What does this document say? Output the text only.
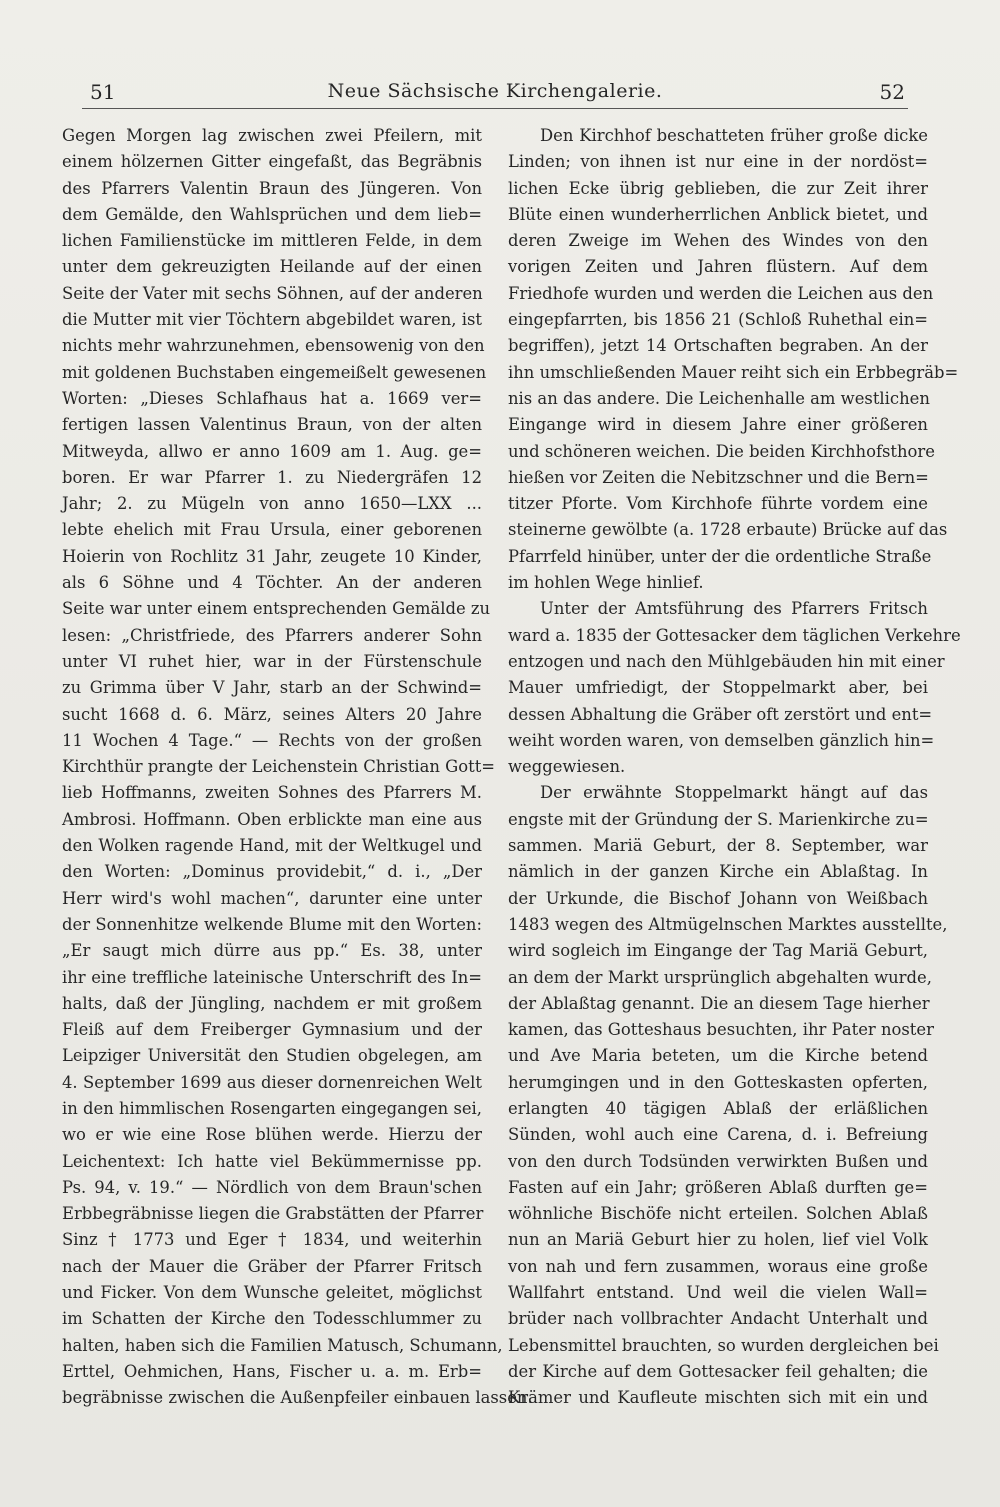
51	Neue Sächsische Kirchengalerie.	52
Gegen Morgen lag zwischen zwei Pfeilern, mit
einem hölzernen Gitter eingefaßt, das Begräbnis
des Pfarrers Valentin Braun des Jüngeren. Von
dem Gemälde, den Wahlsprüchen und dem lieb=
lichen Familienstücke im mittleren Felde, in dem
unter dem gekreuzigten Heilande auf der einen
Seite der Vater mit sechs Söhnen, auf der anderen
die Mutter mit vier Töchtern abgebildet waren, ist
nichts mehr wahrzunehmen, ebensowenig von den
mit goldenen Buchstaben eingemeißelt gewesenen
Worten: „Dieses Schlafhaus hat a. 1669 ver=
fertigen lassen Valentinus Braun, von der alten
Mitweyda, allwo er anno 1609 am 1. Aug. ge=
boren. Er war Pfarrer 1. zu Niedergräfen 12
Jahr; 2. zu Mügeln von anno 1650—LXX ...
lebte ehelich mit Frau Ursula, einer geborenen
Hoierin von Rochlitz 31 Jahr, zeugete 10 Kinder,
als 6 Söhne und 4 Töchter. An der anderen
Seite war unter einem entsprechenden Gemälde zu
lesen: „Christfriede, des Pfarrers anderer Sohn
unter VI ruhet hier, war in der Fürstenschule
zu Grimma über V Jahr, starb an der Schwind=
sucht 1668 d. 6. März, seines Alters 20 Jahre
11 Wochen 4 Tage.“ — Rechts von der großen
Kirchthür prangte der Leichenstein Christian Gott=
lieb Hoffmanns, zweiten Sohnes des Pfarrers M.
Ambrosi. Hoffmann. Oben erblickte man eine aus
den Wolken ragende Hand, mit der Weltkugel und
den Worten: „Dominus providebit,“ d. i., „Der
Herr wird's wohl machen“, darunter eine unter
der Sonnenhitze welkende Blume mit den Worten:
„Er saugt mich dürre aus pp.“ Es. 38, unter
ihr eine treffliche lateinische Unterschrift des In=
halts, daß der Jüngling, nachdem er mit großem
Fleiß auf dem Freiberger Gymnasium und der
Leipziger Universität den Studien obgelegen, am
4. September 1699 aus dieser dornenreichen Welt
in den himmlischen Rosengarten eingegangen sei,
wo er wie eine Rose blühen werde. Hierzu der
Leichentext: Ich hatte viel Bekümmernisse pp.
Ps. 94, v. 19.“ — Nördlich von dem Braun'schen
Erbbegräbnisse liegen die Grabstätten der Pfarrer
Sinz † 1773 und Eger † 1834, und weiterhin
nach der Mauer die Gräber der Pfarrer Fritsch
und Ficker. Von dem Wunsche geleitet, möglichst
im Schatten der Kirche den Todesschlummer zu
halten, haben sich die Familien Matusch, Schumann,
Erttel, Oehmichen, Hans, Fischer u. a. m. Erb=
begräbnisse zwischen die Außenpfeiler einbauen lassen.
Den Kirchhof beschatteten früher große dicke
Linden; von ihnen ist nur eine in der nordöst=
lichen Ecke übrig geblieben, die zur Zeit ihrer
Blüte einen wunderherrlichen Anblick bietet, und
deren Zweige im Wehen des Windes von den
vorigen Zeiten und Jahren flüstern. Auf dem
Friedhofe wurden und werden die Leichen aus den
eingepfarrten, bis 1856 21 (Schloß Ruhethal ein=
begriffen), jetzt 14 Ortschaften begraben. An der
ihn umschließenden Mauer reiht sich ein Erbbegräb=
nis an das andere. Die Leichenhalle am westlichen
Eingange wird in diesem Jahre einer größeren
und schöneren weichen. Die beiden Kirchhofsthore
hießen vor Zeiten die Nebitzschner und die Bern=
titzer Pforte. Vom Kirchhofe führte vordem eine
steinerne gewölbte (a. 1728 erbaute) Brücke auf das
Pfarrfeld hinüber, unter der die ordentliche Straße
im hohlen Wege hinlief.
Unter der Amtsführung des Pfarrers Fritsch
ward a. 1835 der Gottesacker dem täglichen Verkehre
entzogen und nach den Mühlgebäuden hin mit einer
Mauer umfriedigt, der Stoppelmarkt aber, bei
dessen Abhaltung die Gräber oft zerstört und ent=
weiht worden waren, von demselben gänzlich hin=
weggewiesen.
Der erwähnte Stoppelmarkt hängt auf das
engste mit der Gründung der S. Marienkirche zu=
sammen. Mariä Geburt, der 8. September, war
nämlich in der ganzen Kirche ein Ablaßtag. In
der Urkunde, die Bischof Johann von Weißbach
1483 wegen des Altmügelnschen Marktes ausstellte,
wird sogleich im Eingange der Tag Mariä Geburt,
an dem der Markt ursprünglich abgehalten wurde,
der Ablaßtag genannt. Die an diesem Tage hierher
kamen, das Gotteshaus besuchten, ihr Pater noster
und Ave Maria beteten, um die Kirche betend
herumgingen und in den Gotteskasten opferten,
erlangten 40 tägigen Ablaß der erläßlichen
Sünden, wohl auch eine Carena, d. i. Befreiung
von den durch Todsünden verwirkten Bußen und
Fasten auf ein Jahr; größeren Ablaß durften ge=
wöhnliche Bischöfe nicht erteilen. Solchen Ablaß
nun an Mariä Geburt hier zu holen, lief viel Volk
von nah und fern zusammen, woraus eine große
Wallfahrt entstand. Und weil die vielen Wall=
brüder nach vollbrachter Andacht Unterhalt und
Lebensmittel brauchten, so wurden dergleichen bei
der Kirche auf dem Gottesacker feil gehalten; die
Krämer und Kaufleute mischten sich mit ein und
